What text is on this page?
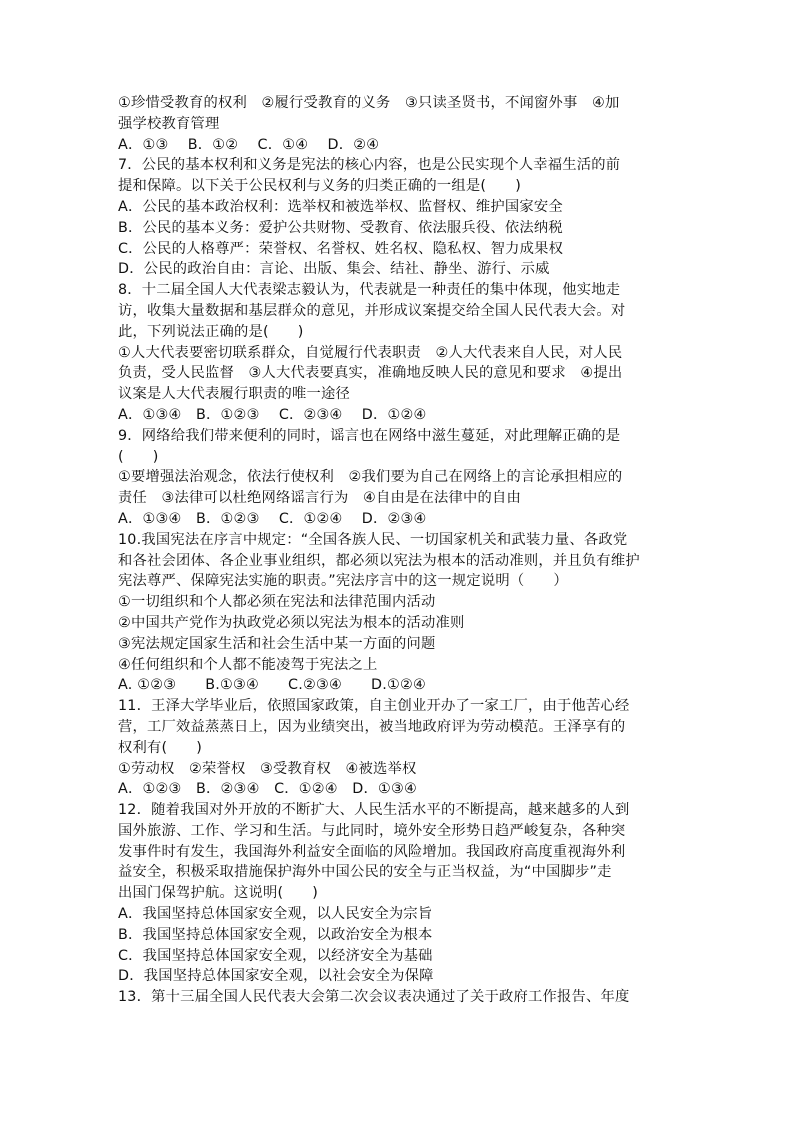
①珍惜受教育的权利　②履行受教育的义务　③只读圣贤书，不闻窗外事　④加
强学校教育管理
A．①③　 B．①②　 C．①④　 D．②④
7．公民的基本权利和义务是宪法的核心内容，也是公民实现个人幸福生活的前
提和保障。以下关于公民权利与义务的归类正确的一组是(　　)
A．公民的基本政治权利：选举权和被选举权、监督权、维护国家安全
B．公民的基本义务：爱护公共财物、受教育、依法服兵役、依法纳税
C．公民的人格尊严：荣誉权、名誉权、姓名权、隐私权、智力成果权
D．公民的政治自由：言论、出版、集会、结社、静坐、游行、示威
8．十二届全国人大代表梁志毅认为，代表就是一种责任的集中体现，他实地走
访，收集大量数据和基层群众的意见，并形成议案提交给全国人民代表大会。对
此，下列说法正确的是(　　)
①人大代表要密切联系群众，自觉履行代表职责　②人大代表来自人民，对人民
负责，受人民监督　③人大代表要真实，准确地反映人民的意见和要求　④提出
议案是人大代表履行职责的唯一途径
A．①③④　B．①②③　 C．②③④　 D．①②④
9．网络给我们带来便利的同时，谣言也在网络中滋生蔓延，对此理解正确的是
(　　)
①要增强法治观念，依法行使权利　②我们要为自己在网络上的言论承担相应的
责任　③法律可以杜绝网络谣言行为　④自由是在法律中的自由
A．①③④　B．①②③　 C．①②④　 D．②③④
10.我国宪法在序言中规定：“全国各族人民、一切国家机关和武装力量、各政党
和各社会团体、各企业事业组织，都必须以宪法为根本的活动准则，并且负有维护
宪法尊严、保障宪法实施的职责。”宪法序言中的这一规定说明（　　）
①一切组织和个人都必须在宪法和法律范围内活动
②中国共产党作为执政党必须以宪法为根本的活动准则
③宪法规定国家生活和社会生活中某一方面的问题
④任何组织和个人都不能凌驾于宪法之上
A. ①②③　　B.①③④　　C.②③④　　D.①②④
11．王泽大学毕业后，依照国家政策，自主创业开办了一家工厂，由于他苦心经
营，工厂效益蒸蒸日上，因为业绩突出，被当地政府评为劳动模范。王泽享有的
权利有(　　)
①劳动权　②荣誉权　③受教育权　④被选举权
A．①②③　B．②③④　C．①②④　D．①③④
12．随着我国对外开放的不断扩大、人民生活水平的不断提高，越来越多的人到
国外旅游、工作、学习和生活。与此同时，境外安全形势日趋严峻复杂，各种突
发事件时有发生，我国海外利益安全面临的风险增加。我国政府高度重视海外利
益安全，积极采取措施保护海外中国公民的安全与正当权益，为“中国脚步”走
出国门保驾护航。这说明(　　)
A．我国坚持总体国家安全观，以人民安全为宗旨
B．我国坚持总体国家安全观，以政治安全为根本
C．我国坚持总体国家安全观，以经济安全为基础
D．我国坚持总体国家安全观，以社会安全为保障
13．第十三届全国人民代表大会第二次会议表决通过了关于政府工作报告、年度
